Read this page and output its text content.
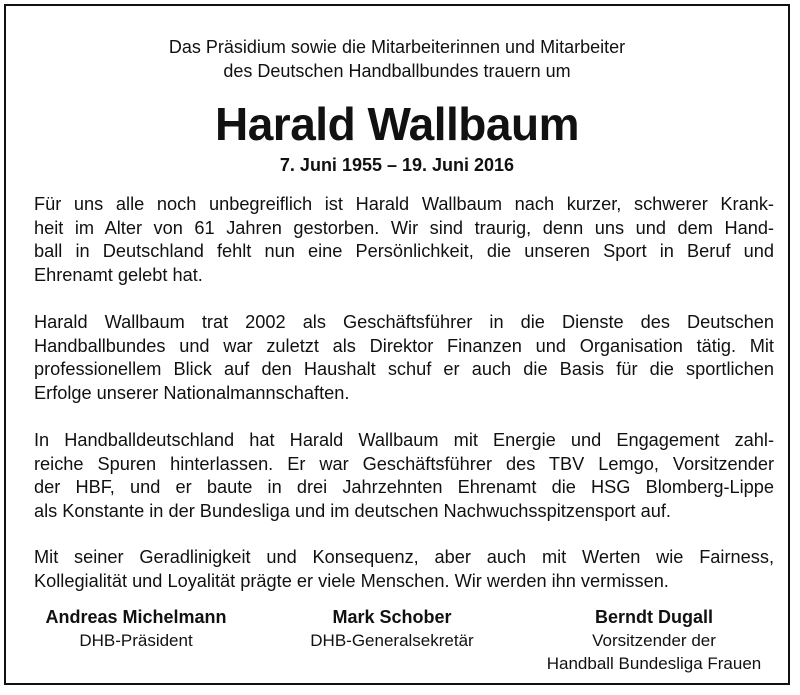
Das Präsidium sowie die Mitarbeiterinnen und Mitarbeiter
des Deutschen Handballbundes trauern um
Harald Wallbaum
7. Juni 1955 – 19. Juni 2016
Für uns alle noch unbegreiflich ist Harald Wallbaum nach kurzer, schwerer Krank-
heit im Alter von 61 Jahren gestorben. Wir sind traurig, denn uns und dem Hand-
ball in Deutschland fehlt nun eine Persönlichkeit, die unseren Sport in Beruf und
Ehrenamt gelebt hat.
Harald Wallbaum trat 2002 als Geschäftsführer in die Dienste des Deutschen
Handballbundes und war zuletzt als Direktor Finanzen und Organisation tätig. Mit
professionellem Blick auf den Haushalt schuf er auch die Basis für die sportlichen
Erfolge unserer Nationalmannschaften.
In Handballdeutschland hat Harald Wallbaum mit Energie und Engagement zahl-
reiche Spuren hinterlassen. Er war Geschäftsführer des TBV Lemgo, Vorsitzender
der HBF, und er baute in drei Jahrzehnten Ehrenamt die HSG Blomberg-Lippe
als Konstante in der Bundesliga und im deutschen Nachwuchsspitzensport auf.
Mit seiner Geradlinigkeit und Konsequenz, aber auch mit Werten wie Fairness,
Kollegialität und Loyalität prägte er viele Menschen. Wir werden ihn vermissen.
Andreas Michelmann
DHB-Präsident
Mark Schober
DHB-Generalsekretär
Berndt Dugall
Vorsitzender der
Handball Bundesliga Frauen
